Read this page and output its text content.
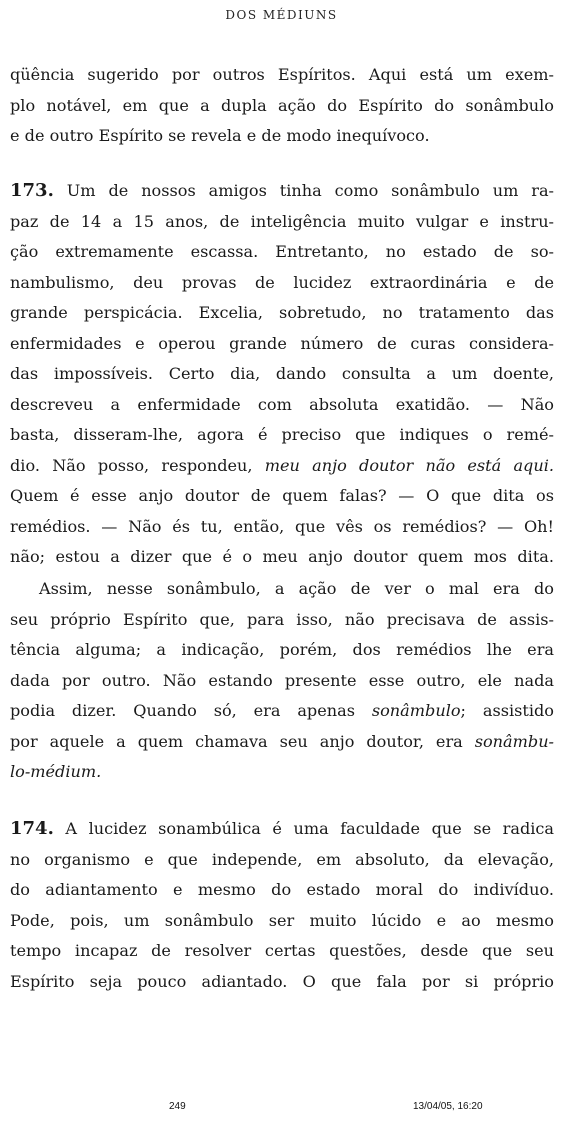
DOS MÉDIUNS
qüência sugerido por outros Espíritos. Aqui está um exem-
plo notável, em que a dupla ação do Espírito do sonâmbulo
e de outro Espírito se revela e de modo inequívoco.
173. Um de nossos amigos tinha como sonâmbulo um ra-
paz de 14 a 15 anos, de inteligência muito vulgar e instru-
ção extremamente escassa. Entretanto, no estado de so-
nambulismo, deu provas de lucidez extraordinária e de
grande perspicácia. Excelia, sobretudo, no tratamento das
enfermidades e operou grande número de curas considera-
das impossíveis. Certo dia, dando consulta a um doente,
descreveu a enfermidade com absoluta exatidão. — Não
basta, disseram-lhe, agora é preciso que indiques o remé-
dio. Não posso, respondeu, meu anjo doutor não está aqui.
Quem é esse anjo doutor de quem falas? — O que dita os
remédios. — Não és tu, então, que vês os remédios? — Oh!
não; estou a dizer que é o meu anjo doutor quem mos dita.
Assim, nesse sonâmbulo, a ação de ver o mal era do
seu próprio Espírito que, para isso, não precisava de assis-
tência alguma; a indicação, porém, dos remédios lhe era
dada por outro. Não estando presente esse outro, ele nada
podia dizer. Quando só, era apenas sonâmbulo; assistido
por aquele a quem chamava seu anjo doutor, era sonâmbu-
lo-médium.
174. A lucidez sonambúlica é uma faculdade que se radica
no organismo e que independe, em absoluto, da elevação,
do adiantamento e mesmo do estado moral do indivíduo.
Pode, pois, um sonâmbulo ser muito lúcido e ao mesmo
tempo incapaz de resolver certas questões, desde que seu
Espírito seja pouco adiantado. O que fala por si próprio
249	13/04/05, 16:20
